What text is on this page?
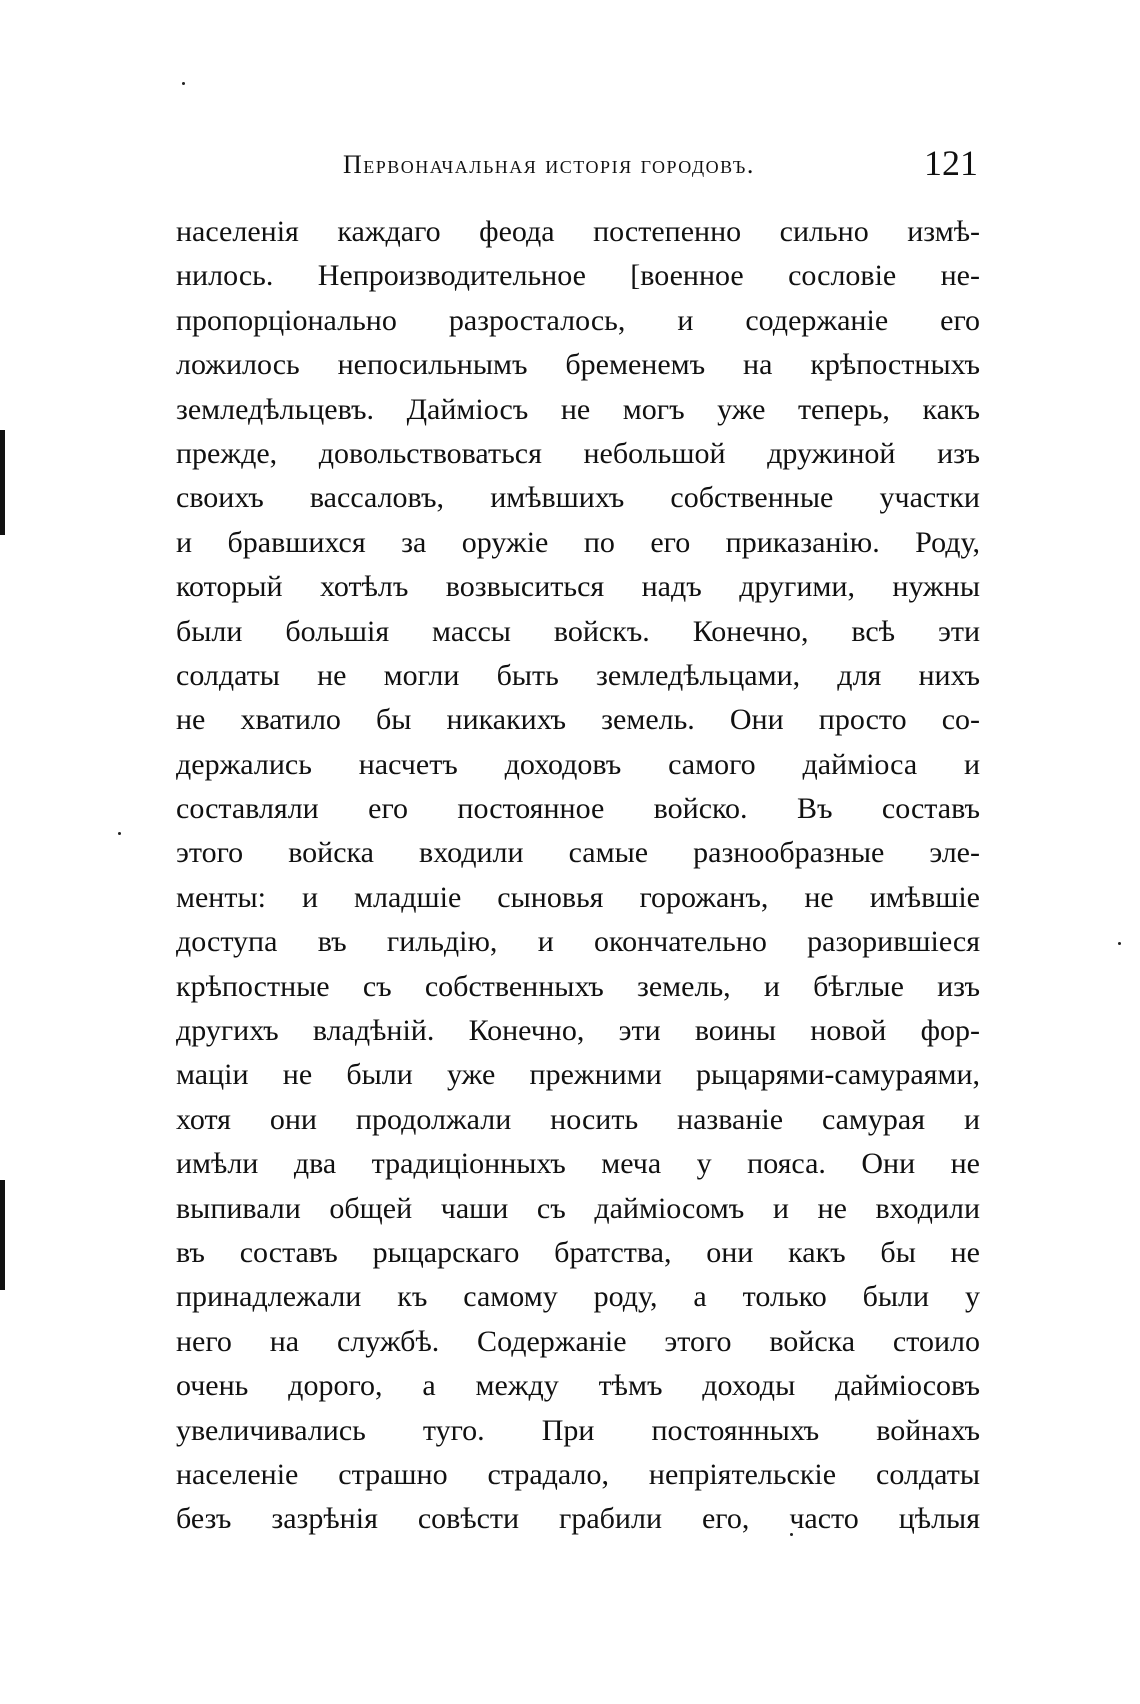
Первоначальная исторія городовъ.	121
населенія каждаго феода постепенно сильно измѣ-
нилось. Непроизводительное [военное сословіе не-
пропорціонально разросталось, и содержаніе его
ложилось непосильнымъ бременемъ на крѣпостныхъ
земледѣльцевъ. Дайміосъ не могъ уже теперь, какъ
прежде, довольствоваться небольшой дружиной изъ
своихъ вассаловъ, имѣвшихъ собственные участки
и бравшихся за оружіе по его приказанію. Роду,
который хотѣлъ возвыситься надъ другими, нужны
были большія массы войскъ. Конечно, всѣ эти
солдаты не могли быть земледѣльцами, для нихъ
не хватило бы никакихъ земель. Они просто со-
держались насчетъ доходовъ самого дайміоса и
составляли его постоянное войско. Въ составъ
этого войска входили самые разнообразные эле-
менты: и младшіе сыновья горожанъ, не имѣвшіе
доступа въ гильдію, и окончательно разорившіеся
крѣпостные съ собственныхъ земель, и бѣглые изъ
другихъ владѣній. Конечно, эти воины новой фор-
маціи не были уже прежними рыцарями-самураями,
хотя они продолжали носить названіе самурая и
имѣли два традиціонныхъ меча у пояса. Они не
выпивали общей чаши съ дайміосомъ и не входили
въ составъ рыцарскаго братства, они какъ бы не
принадлежали къ самому роду, а только были у
него на службѣ. Содержаніе этого войска стоило
очень дорого, а между тѣмъ доходы дайміосовъ
увеличивались туго. При постоянныхъ войнахъ
населеніе страшно страдало, непріятельскіе солдаты
безъ зазрѣнія совѣсти грабили его, часто цѣлыя
